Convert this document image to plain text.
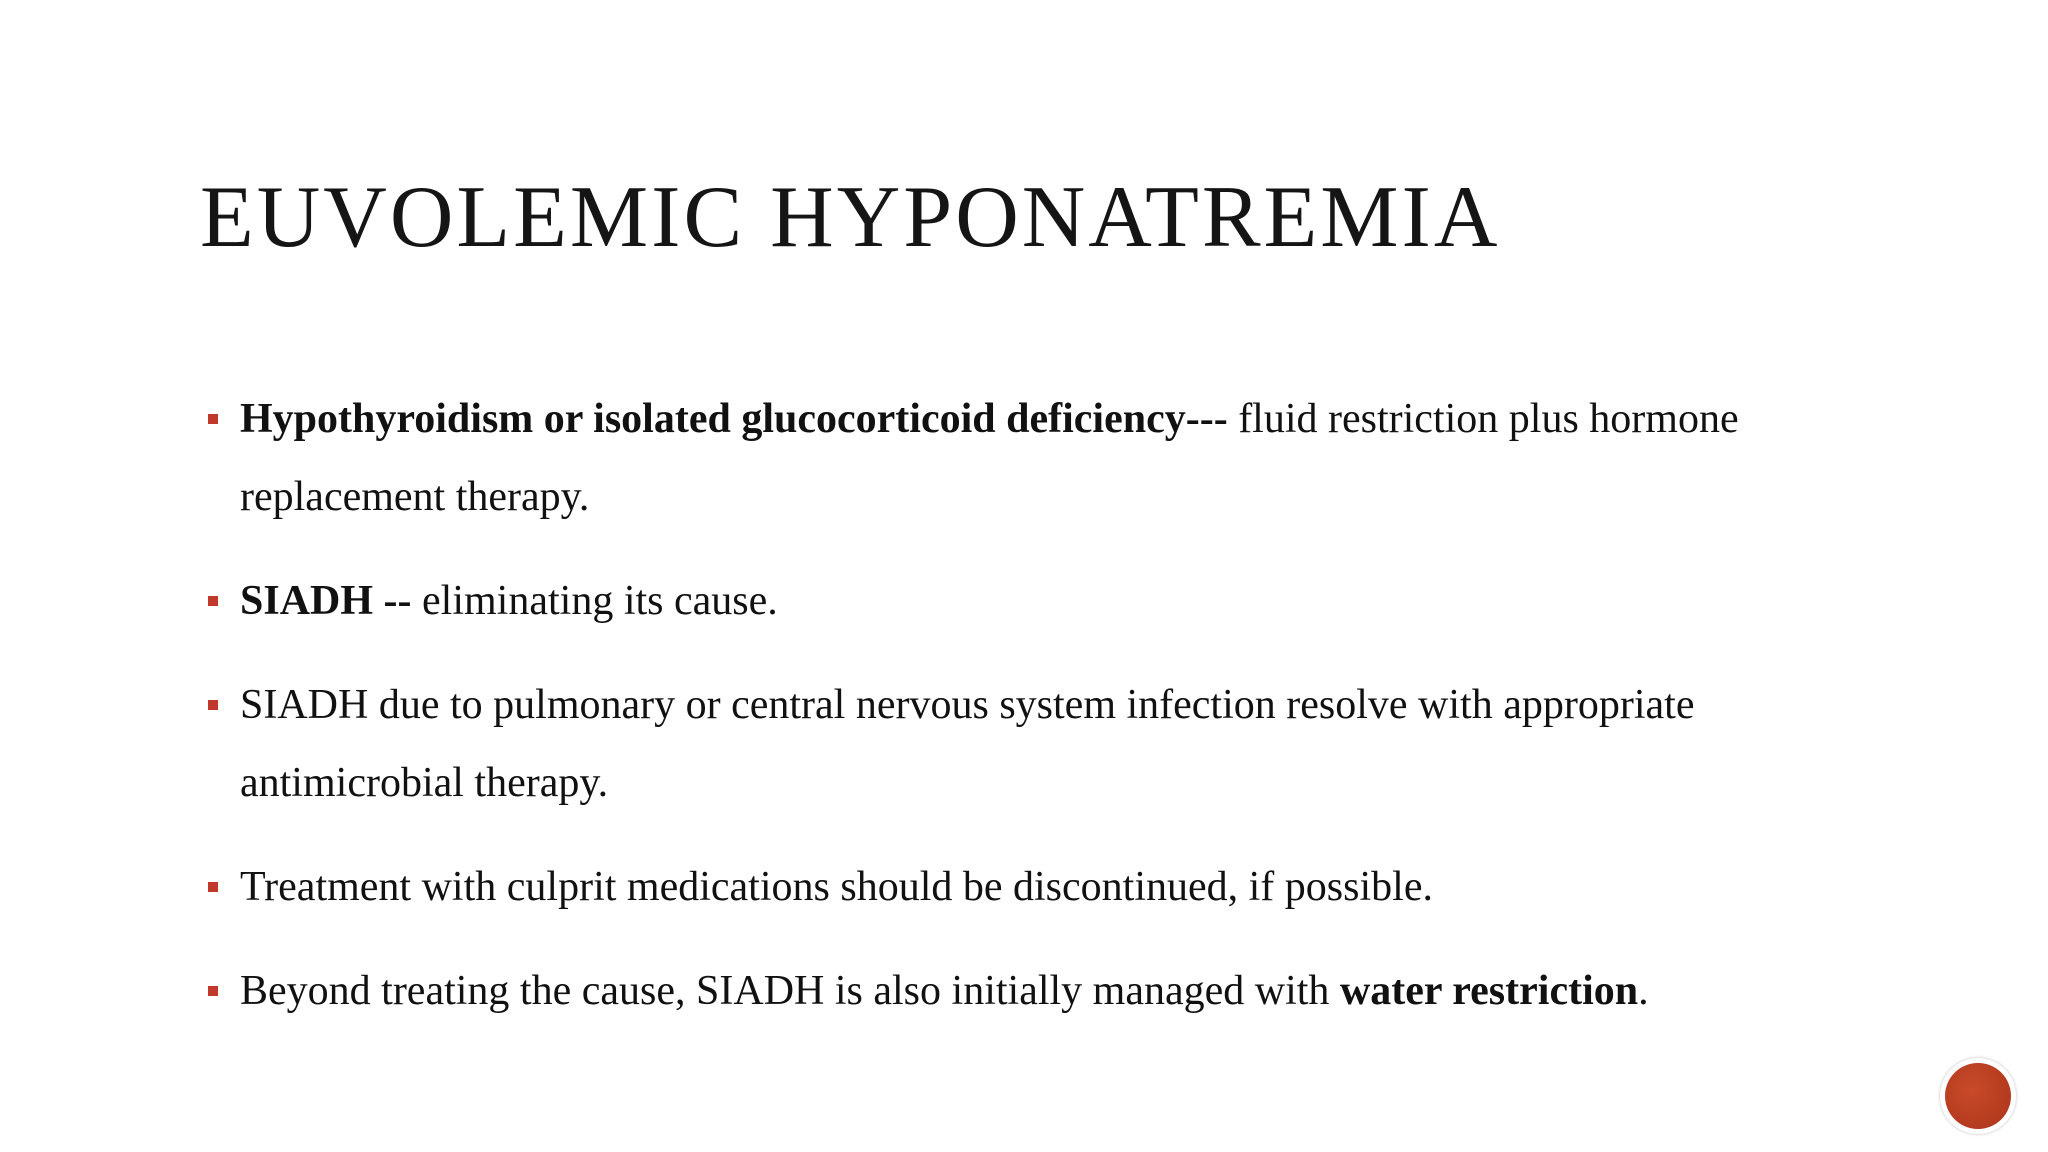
EUVOLEMIC HYPONATREMIA
Hypothyroidism or isolated glucocorticoid deficiency--- fluid restriction plus hormone replacement therapy.
SIADH -- eliminating its cause.
SIADH due to pulmonary or central nervous system infection resolve with appropriate antimicrobial therapy.
Treatment with culprit medications should be discontinued, if possible.
Beyond treating the cause, SIADH is also initially managed with water restriction.
